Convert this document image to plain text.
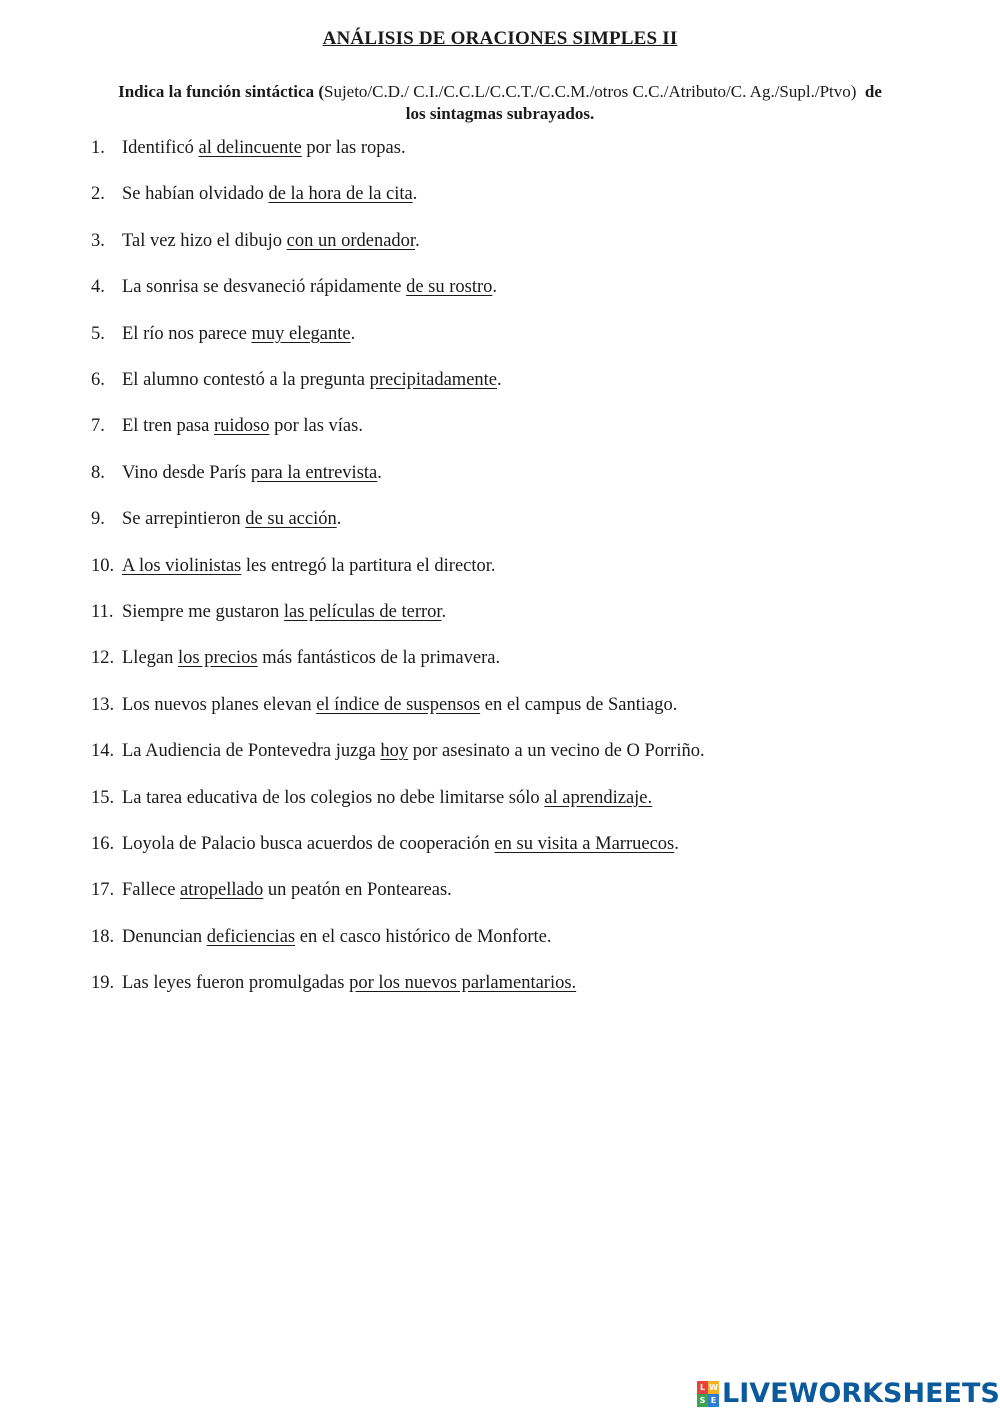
ANÁLISIS DE ORACIONES SIMPLES II
Indica la función sintáctica (Sujeto/C.D./ C.I./C.C.L/C.C.T./C.C.M./otros C.C./Atributo/C. Ag./Supl./Ptvo) de los sintagmas subrayados.
1. Identificó al delincuente por las ropas.
2. Se habían olvidado de la hora de la cita.
3. Tal vez hizo el dibujo con un ordenador.
4. La sonrisa se desvaneció rápidamente de su rostro.
5. El río nos parece muy elegante.
6. El alumno contestó a la pregunta precipitadamente.
7. El tren pasa ruidoso por las vías.
8. Vino desde París para la entrevista.
9. Se arrepintieron de su acción.
10. A los violinistas les entregó la partitura el director.
11. Siempre me gustaron las películas de terror.
12. Llegan los precios más fantásticos de la primavera.
13. Los nuevos planes elevan el índice de suspensos en el campus de Santiago.
14. La Audiencia de Pontevedra juzga hoy por asesinato a un vecino de O Porriño.
15. La tarea educativa de los colegios no debe limitarse sólo al aprendizaje.
16. Loyola de Palacio busca acuerdos de cooperación en su visita a Marruecos.
17. Fallece atropellado un peatón en Ponteareas.
18. Denuncian deficiencias en el casco histórico de Monforte.
19. Las leyes fueron promulgadas por los nuevos parlamentarios.
L W
S E LIVEWORKSHEETS
